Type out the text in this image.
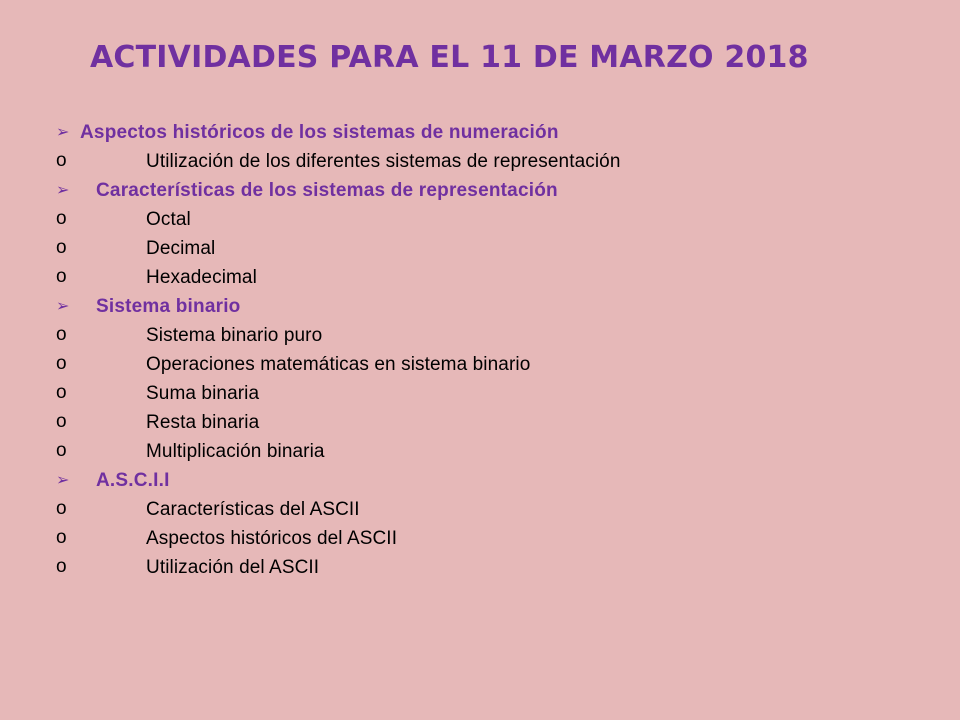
ACTIVIDADES PARA EL 11 DE MARZO 2018
➢ Aspectos históricos de los sistemas de numeración
o	Utilización de los diferentes sistemas de representación
➢ Características de los sistemas de representación
o	Octal
o	Decimal
o	Hexadecimal
➢ Sistema binario
o	Sistema binario puro
o	Operaciones matemáticas en sistema binario
o	Suma binaria
o	Resta binaria
o	Multiplicación binaria
➢ A.S.C.I.I
o	Características del ASCII
o	Aspectos históricos del ASCII
o	Utilización del ASCII
